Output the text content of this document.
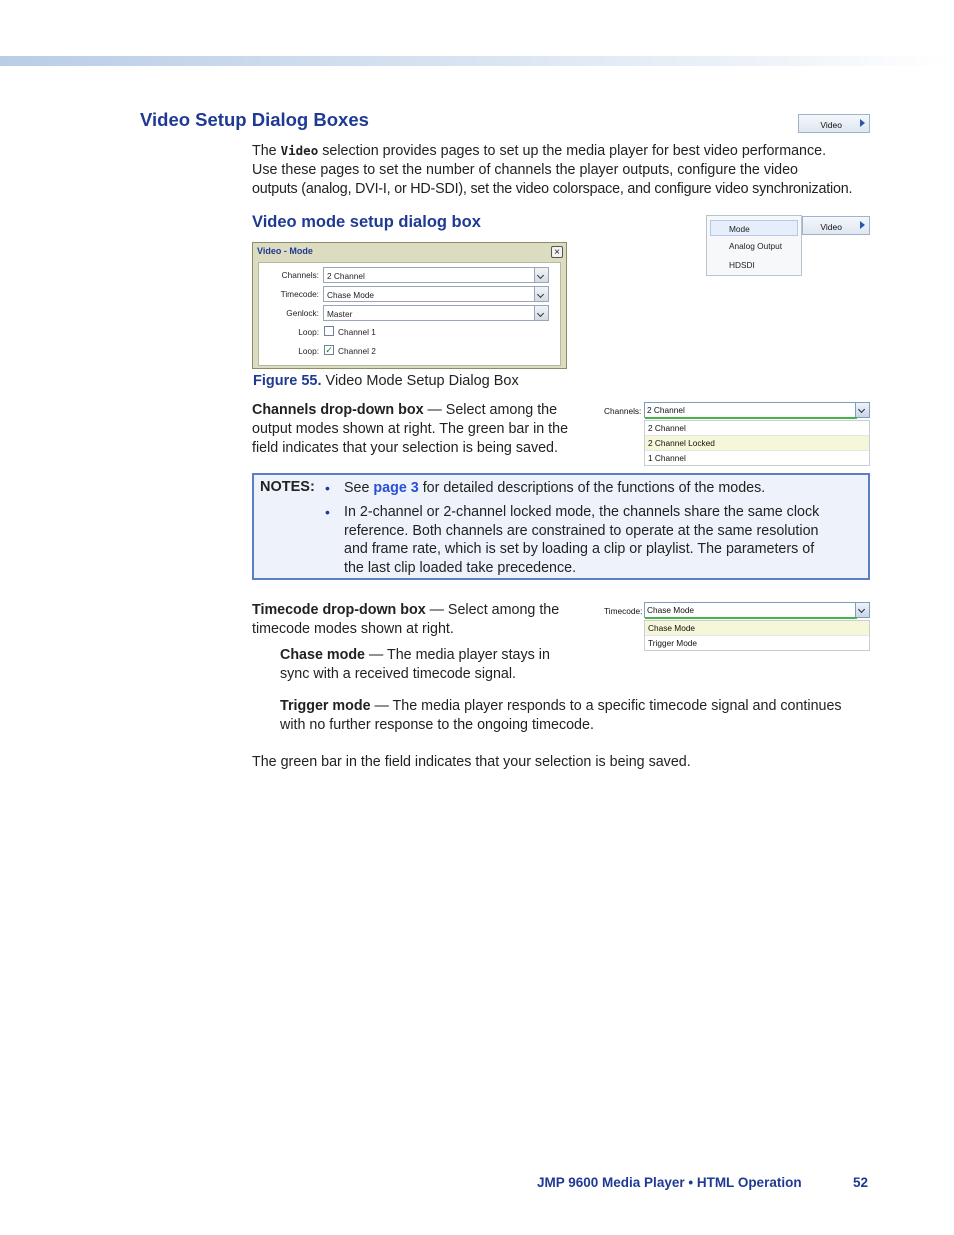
Video Setup Dialog Boxes	Video
The Video selection provides pages to set up the media player for best video performance.
Use these pages to set the number of channels the player outputs, configure the video
outputs (analog, DVI-I, or HD-SDI), set the video colorspace, and configure video synchronization.
Video mode setup dialog box	Mode
Analog Output
HDSDI
Video
Video - Mode	×
Channels: 2 Channel
Timecode: Chase Mode
Genlock: Master
Loop: Channel 1
Loop: ✓ Channel 2
Figure 55. Video Mode Setup Dialog Box
Channels drop-down box — Select among the
output modes shown at right. The green bar in the
field indicates that your selection is being saved.
Channels: 2 Channel
2 Channel
2 Channel Locked
1 Channel
NOTES: • See page 3 for detailed descriptions of the functions of the modes.
• In 2-channel or 2-channel locked mode, the channels share the same clock
reference. Both channels are constrained to operate at the same resolution
and frame rate, which is set by loading a clip or playlist. The parameters of
the last clip loaded take precedence.
Timecode drop-down box — Select among the
timecode modes shown at right.
Timecode: Chase Mode
Chase Mode
Trigger Mode
Chase mode — The media player stays in
sync with a received timecode signal.
Trigger mode — The media player responds to a specific timecode signal and continues
with no further response to the ongoing timecode.
The green bar in the field indicates that your selection is being saved.
JMP 9600 Media Player • HTML Operation	52
